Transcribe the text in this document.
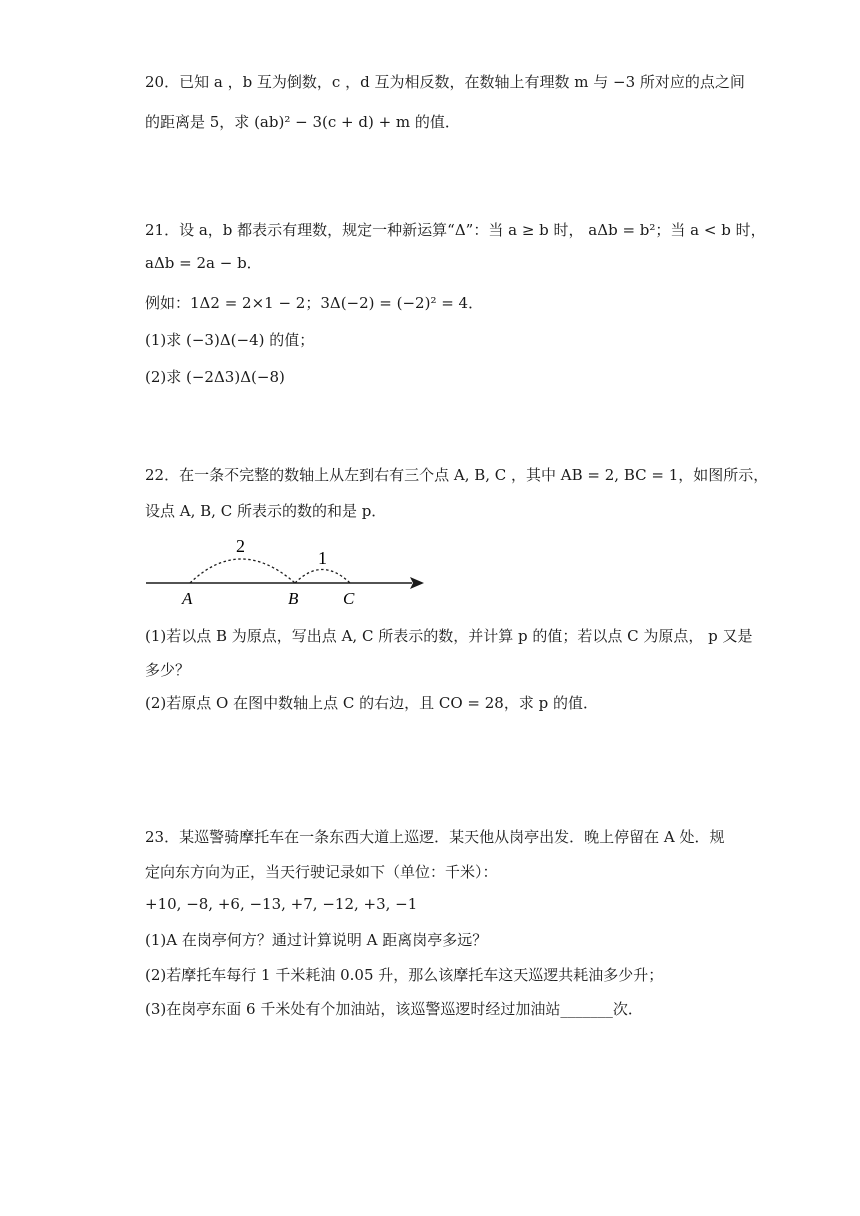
20．已知 a ，b 互为倒数，c ，d 互为相反数，在数轴上有理数 m 与 −3 所对应的点之间
的距离是 5，求 (ab)² − 3(c + d) + m 的值．
21．设 a，b 都表示有理数，规定一种新运算“Δ”：当 a ≥ b 时， aΔb = b²；当 a < b 时，
aΔb = 2a − b．
例如：1Δ2 = 2×1 − 2；3Δ(−2) = (−2)² = 4．
(1)求 (−3)Δ(−4) 的值；
(2)求 (−2Δ3)Δ(−8)
22．在一条不完整的数轴上从左到右有三个点 A, B, C ，其中 AB = 2, BC = 1，如图所示，
设点 A, B, C 所表示的数的和是 p．
2
1
A	B	C
(1)若以点 B 为原点，写出点 A, C 所表示的数，并计算 p 的值；若以点 C 为原点， p 又是
多少？
(2)若原点 O 在图中数轴上点 C 的右边，且 CO = 28，求 p 的值．
23．某巡警骑摩托车在一条东西大道上巡逻．某天他从岗亭出发．晚上停留在 A 处．规
定向东方向为正，当天行驶记录如下（单位：千米）：
+10, −8, +6, −13, +7, −12, +3, −1
(1)A 在岗亭何方？通过计算说明 A 距离岗亭多远？
(2)若摩托车每行 1 千米耗油 0.05 升，那么该摩托车这天巡逻共耗油多少升；
(3)在岗亭东面 6 千米处有个加油站，该巡警巡逻时经过加油站_______次．
